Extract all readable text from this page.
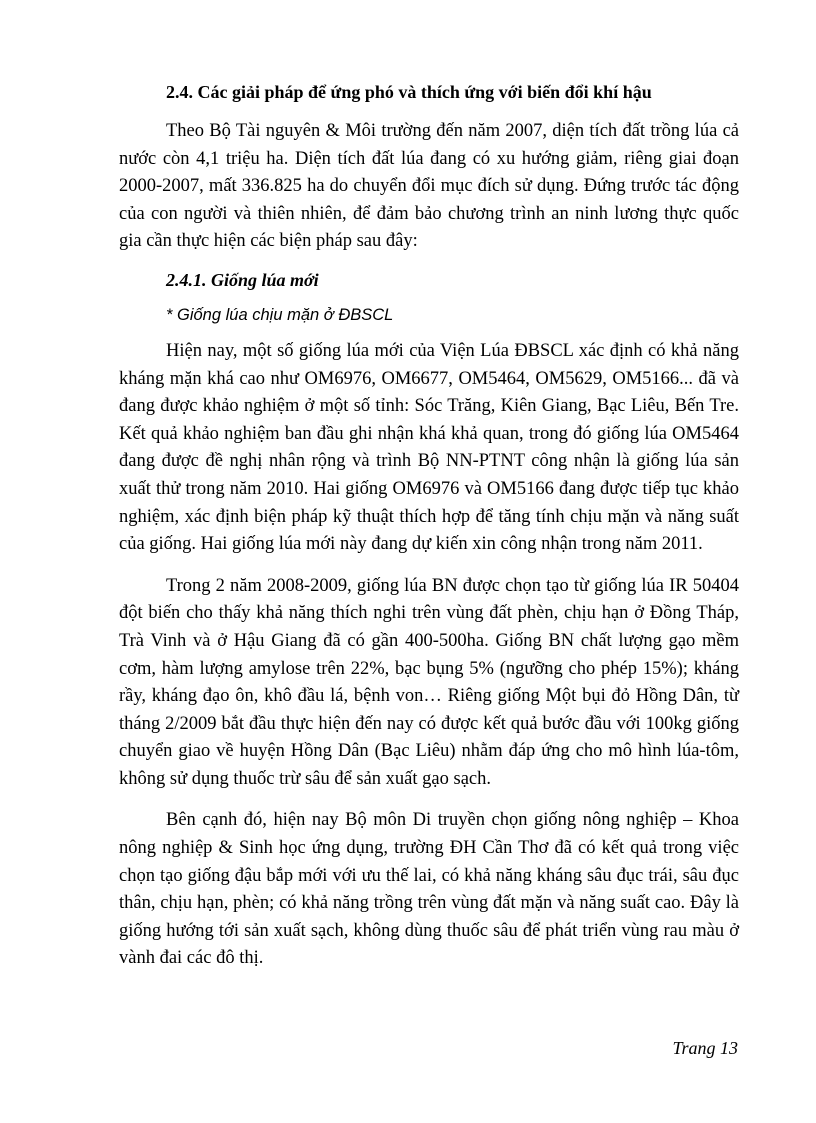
2.4. Các giải pháp để ứng phó và thích ứng với biến đổi khí hậu

Theo Bộ Tài nguyên & Môi trường đến năm 2007, diện tích đất trồng lúa cả nước còn 4,1 triệu ha. Diện tích đất lúa đang có xu hướng giảm, riêng giai đoạn 2000-2007, mất 336.825 ha do chuyển đổi mục đích sử dụng. Đứng trước tác động của con người và thiên nhiên, để đảm bảo chương trình an ninh lương thực quốc gia cần thực hiện các biện pháp sau đây:

2.4.1. Giống lúa mới
* Giống lúa chịu mặn ở ĐBSCL

Hiện nay, một số giống lúa mới của Viện Lúa ĐBSCL xác định có khả năng kháng mặn khá cao như OM6976, OM6677, OM5464, OM5629, OM5166... đã và đang được khảo nghiệm ở một số tỉnh: Sóc Trăng, Kiên Giang, Bạc Liêu, Bến Tre. Kết quả khảo nghiệm ban đầu ghi nhận khá khả quan, trong đó giống lúa OM5464 đang được đề nghị nhân rộng và trình Bộ NN-PTNT công nhận là giống lúa sản xuất thử trong năm 2010. Hai giống OM6976 và OM5166 đang được tiếp tục khảo nghiệm, xác định biện pháp kỹ thuật thích hợp để tăng tính chịu mặn và năng suất của giống. Hai giống lúa mới này đang dự kiến xin công nhận trong năm 2011.

Trong 2 năm 2008-2009, giống lúa BN được chọn tạo từ giống lúa IR 50404 đột biến cho thấy khả năng thích nghi trên vùng đất phèn, chịu hạn ở Đồng Tháp, Trà Vinh và ở Hậu Giang đã có gần 400-500ha. Giống BN chất lượng gạo mềm cơm, hàm lượng amylose trên 22%, bạc bụng 5% (ngưỡng cho phép 15%); kháng rầy, kháng đạo ôn, khô đầu lá, bệnh von… Riêng giống Một bụi đỏ Hồng Dân, từ tháng 2/2009 bắt đầu thực hiện đến nay có được kết quả bước đầu với 100kg giống chuyển giao về huyện Hồng Dân (Bạc Liêu) nhằm đáp ứng cho mô hình lúa-tôm, không sử dụng thuốc trừ sâu để sản xuất gạo sạch.

Bên cạnh đó, hiện nay Bộ môn Di truyền chọn giống nông nghiệp – Khoa nông nghiệp & Sinh học ứng dụng, trường ĐH Cần Thơ đã có kết quả trong việc chọn tạo giống đậu bắp mới với ưu thế lai, có khả năng kháng sâu đục trái, sâu đục thân, chịu hạn, phèn; có khả năng trồng trên vùng đất mặn và năng suất cao. Đây là giống hướng tới sản xuất sạch, không dùng thuốc sâu để phát triển vùng rau màu ở vành đai các đô thị.

Trang 13
